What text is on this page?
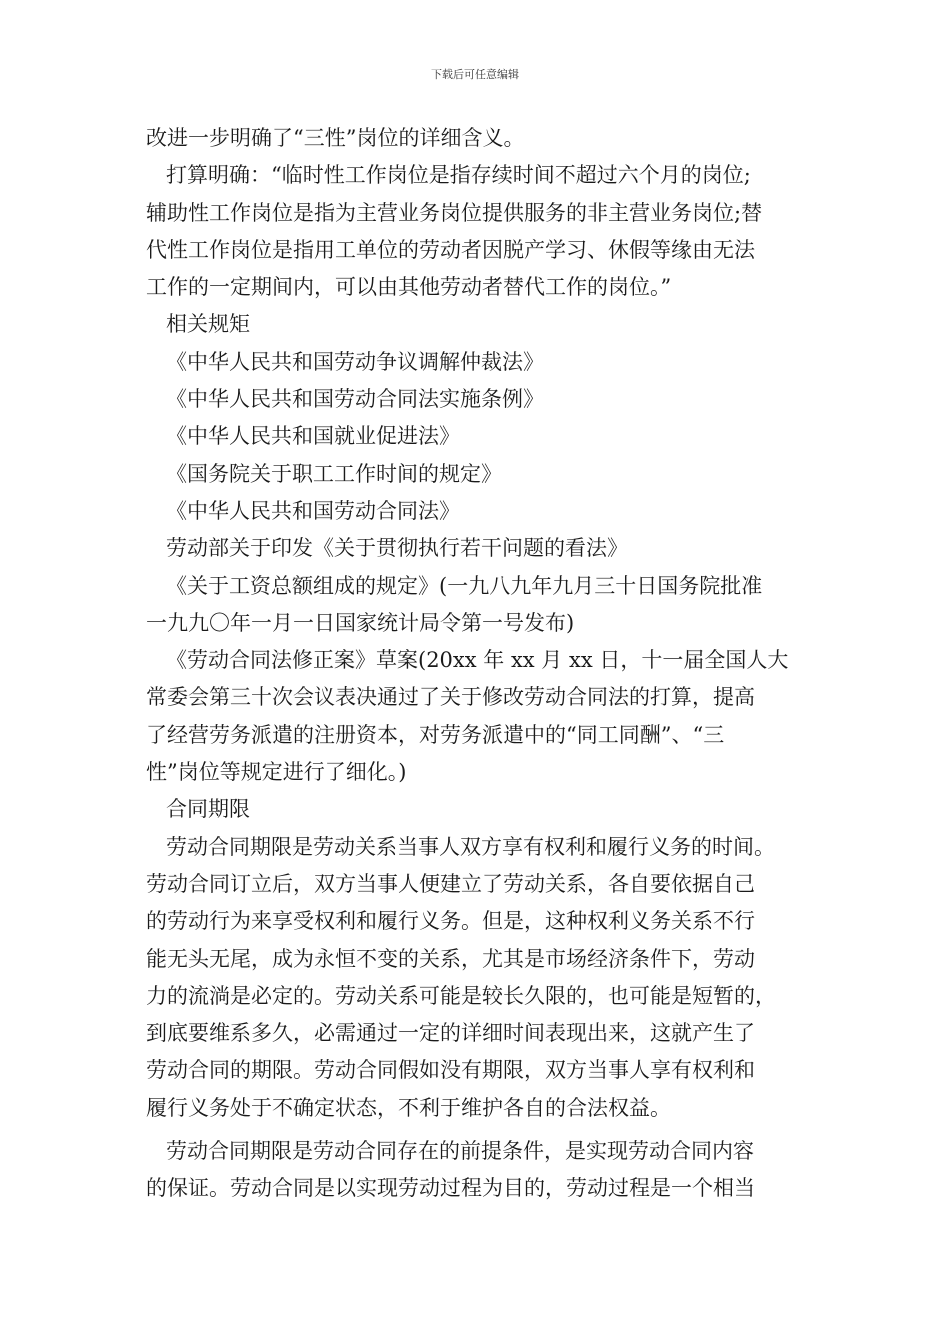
下载后可任意编辑
改进一步明确了“三性”岗位的详细含义。
打算明确：“临时性工作岗位是指存续时间不超过六个月的岗位;
辅助性工作岗位是指为主营业务岗位提供服务的非主营业务岗位;替
代性工作岗位是指用工单位的劳动者因脱产学习、休假等缘由无法
工作的一定期间内，可以由其他劳动者替代工作的岗位。”
相关规矩
《中华人民共和国劳动争议调解仲裁法》
《中华人民共和国劳动合同法实施条例》
《中华人民共和国就业促进法》
《国务院关于职工工作时间的规定》
《中华人民共和国劳动合同法》
劳动部关于印发《关于贯彻执行若干问题的看法》
《关于工资总额组成的规定》(一九八九年九月三十日国务院批准
一九九〇年一月一日国家统计局令第一号发布)
《劳动合同法修正案》草案(20xx 年 xx 月 xx 日，十一届全国人大
常委会第三十次会议表决通过了关于修改劳动合同法的打算，提高
了经营劳务派遣的注册资本，对劳务派遣中的“同工同酬”、“三
性”岗位等规定进行了细化。)
合同期限
劳动合同期限是劳动关系当事人双方享有权利和履行义务的时间。
劳动合同订立后，双方当事人便建立了劳动关系，各自要依据自己
的劳动行为来享受权利和履行义务。但是，这种权利义务关系不行
能无头无尾，成为永恒不变的关系，尤其是市场经济条件下，劳动
力的流淌是必定的。劳动关系可能是较长久限的，也可能是短暂的，
到底要维系多久，必需通过一定的详细时间表现出来，这就产生了
劳动合同的期限。劳动合同假如没有期限，双方当事人享有权利和
履行义务处于不确定状态，不利于维护各自的合法权益。
劳动合同期限是劳动合同存在的前提条件，是实现劳动合同内容
的保证。劳动合同是以实现劳动过程为目的，劳动过程是一个相当
